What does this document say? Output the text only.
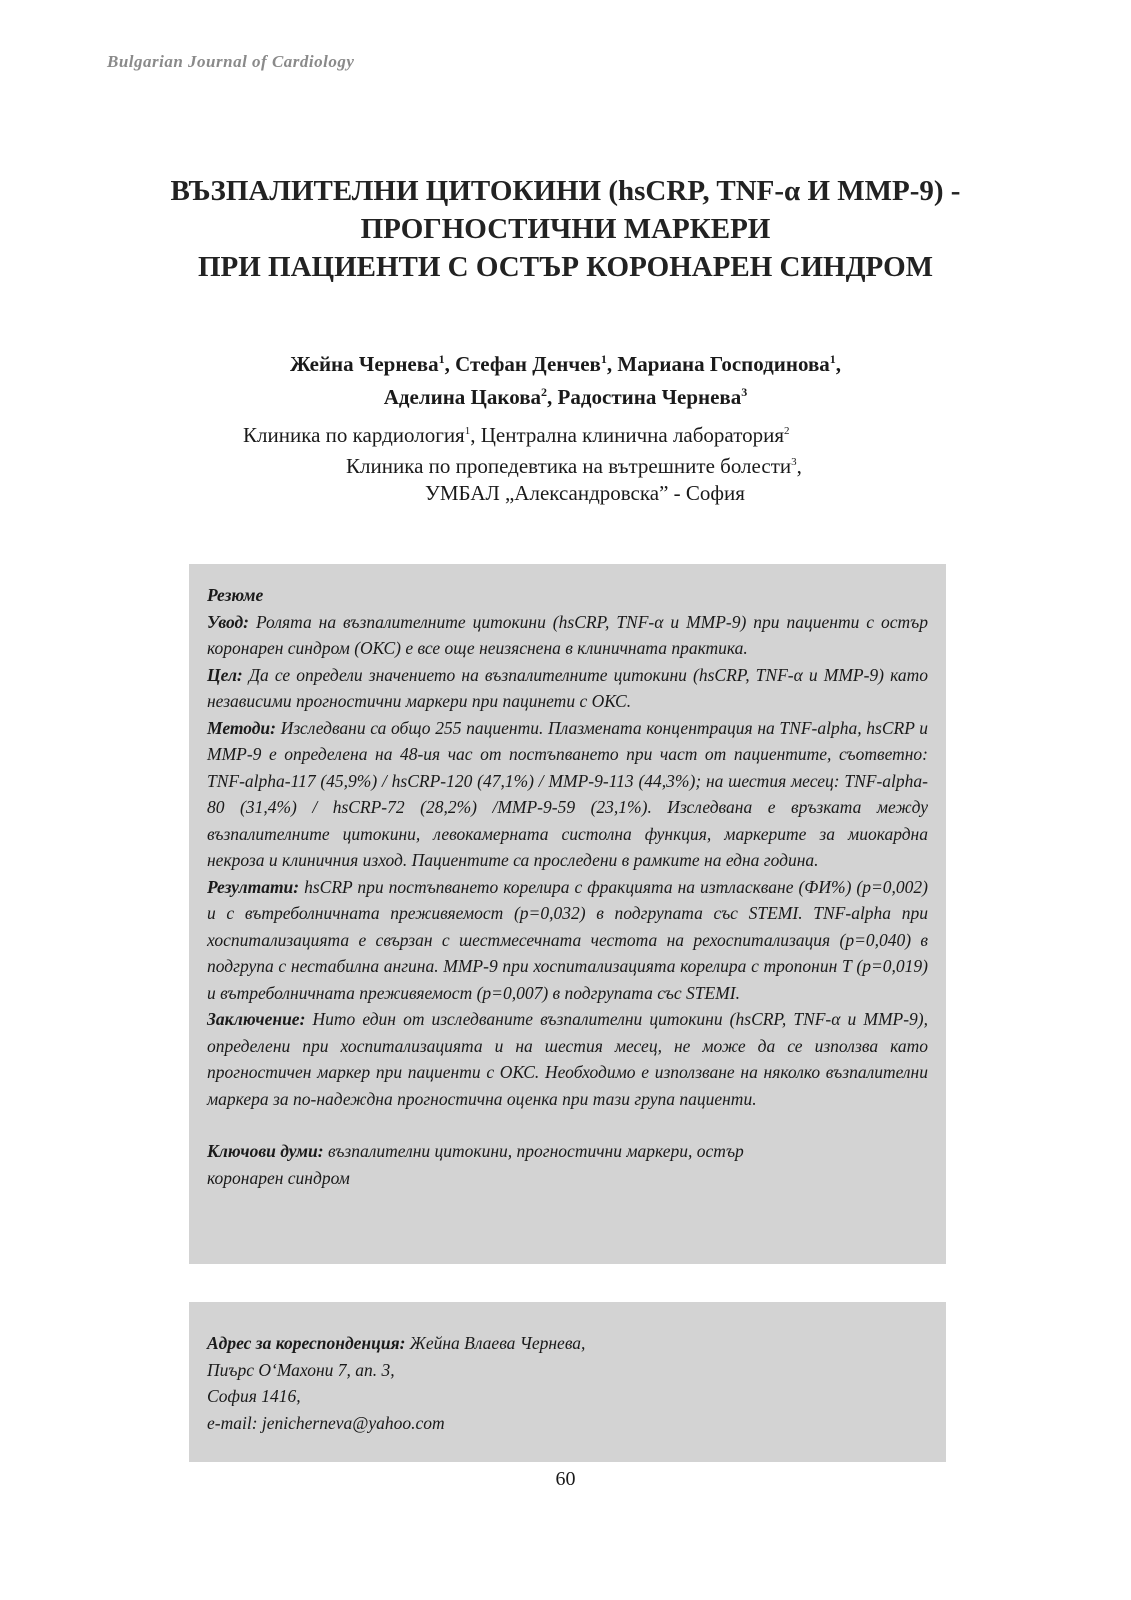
Bulgarian Journal of Cardiology
ВЪЗПАЛИТЕЛНИ ЦИТОКИНИ (hsCRP, TNF-α И MMP-9) -
ПРОГНОСТИЧНИ МАРКЕРИ
ПРИ ПАЦИЕНТИ С ОСТЪР КОРОНАРЕН СИНДРОМ
Жейна Чернева$^1$, Стефан Денчев$^1$, Мариана Господинова$^1$,
Аделина Цакова$^2$, Радостина Чернева$^3$
Клиника по кардиология$^1$, Централна клинична лаборатория$^2$
Клиника по пропедевтика на вътрешните болести$^3$,
УМБАЛ „Александровска” - София

Резюме

Увод: Ролята на възпалителните цитокини (hsCRP, TNF-α и MMP-9) при пациенти с остър коронарен синдром (ОКС) е все още неизяснена в клиничната практика.

Цел: Да се определи значението на възпалителните цитокини (hsCRP, TNF-α и MMP-9) като независими прогностични маркери при пацинети с ОКС.

Методи: Изследвани са общо 255 пациенти. Плазмената концентрация на TNF-alpha, hsCRP и MMP-9 е определена на 48-ия час от постъпването при част от пациентите, съответно: TNF-alpha-117 (45,9%) / hsCRP-120 (47,1%) / MMP-9-113 (44,3%); на шестия месец: TNF-alpha-80 (31,4%) / hsCRP-72 (28,2%) /MMP-9-59 (23,1%). Изследвана е връзката между възпалителните цитокини, левокамерната систолна функция, маркерите за миокардна некроза и клиничния изход. Пациентите са проследени в рамките на една година.

Резултати: hsCRP при постъпването корелира с фракцията на изтласкване (ФИ%) (p=0,002) и с вътреболничната преживяемост (p=0,032) в подгрупата със STEMI. TNF-alpha при хоспитализацията е свързан с шестмесечната честота на рехоспитализация (p=0,040) в подгрупа с нестабилна ангина. MMP-9 при хоспитализацията корелира с тропонин Т (p=0,019) и вътреболничната преживяемост (p=0,007) в подгрупата със STEMI.

Заключение: Нито един от изследваните възпалителни цитокини (hsCRP, TNF-α и MMP-9), определени при хоспитализацията и на шестия месец, не може да се използва като прогностичен маркер при пациенти с ОКС. Необходимо е използване на няколко възпалителни маркера за по-надеждна прогностична оценка при тази група пациенти.

Ключови думи: възпалителни цитокини, прогностични маркери, остър коронарен синдром

Адрес за кореспонденция: Жейна Влаева Чернева,

Пиърс О‘Махони 7, ап. 3,

София 1416,

e-mail: jenicherneva@yahoo.com

60
